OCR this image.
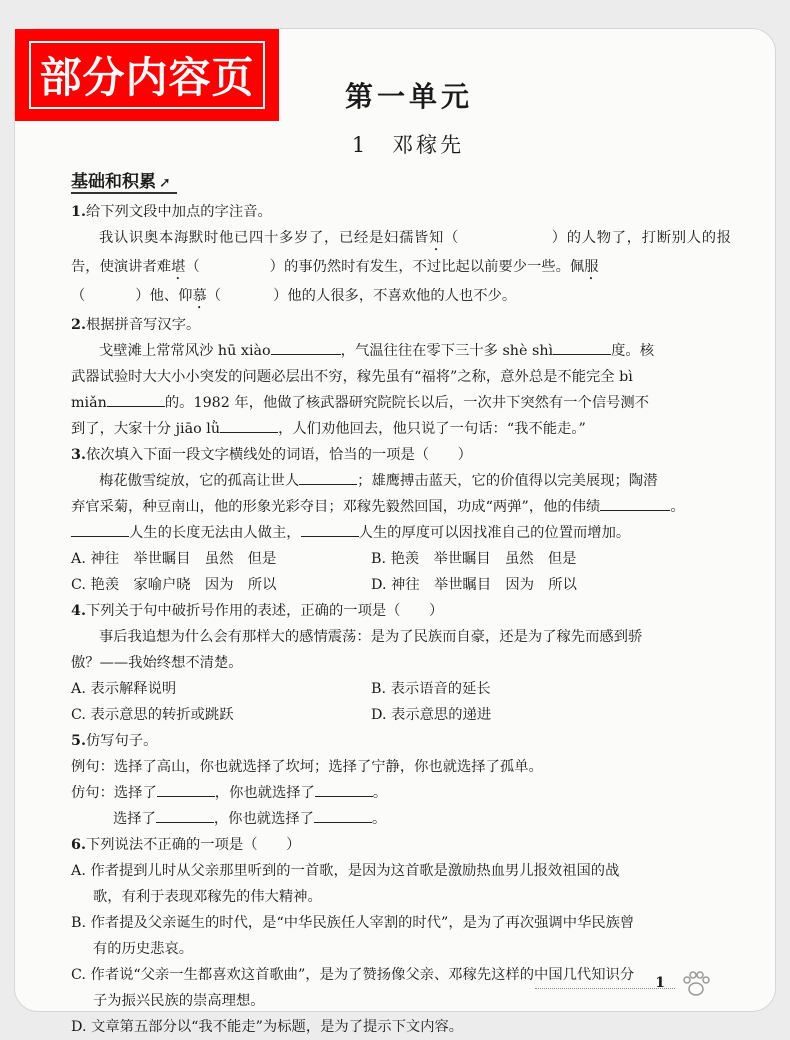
部分内容页	第一单元
1　邓稼先
基础和积累 ➚

1.给下列文段中加点的字注音。

我认识奥本海默时他已四十多岁了，已经是妇孺皆知（	）的人物了，打断别人的报告，使演讲者难堪（	）的事仍然时有发生，不过比起以前要少一些。佩服

（	）他、仰慕（	）他的人很多，不喜欢他的人也不少。

2.根据拼音写汉字。

戈壁滩上常常风沙 hū xiào	，气温往往在零下三十多 shè shì	度。核

武器试验时大大小小突发的问题必层出不穷，稼先虽有“福将”之称，意外总是不能完全 bì

miǎn	的。1982 年，他做了核武器研究院院长以后，一次井下突然有一个信号测不

到了，大家十分 jiāo lǜ	，人们劝他回去，他只说了一句话：“我不能走。”

3.依次填入下面一段文字横线处的词语，恰当的一项是（　　）

梅花傲雪绽放，它的孤高让世人	；雄鹰搏击蓝天，它的价值得以完美展现；陶潜

弃官采菊，种豆南山，他的形象光彩夺目；邓稼先毅然回国，功成“两弹”，他的伟绩	。

人生的长度无法由人做主，	人生的厚度可以因找准自己的位置而增加。

A. 神往　举世瞩目　虽然　但是	B. 艳羡　举世瞩目　虽然　但是
C. 艳羡　家喻户晓　因为　所以	D. 神往　举世瞩目　因为　所以

4.下列关于句中破折号作用的表述，正确的一项是（　　）

事后我追想为什么会有那样大的感情震荡：是为了民族而自豪，还是为了稼先而感到骄

傲？——我始终想不清楚。

A. 表示解释说明	B. 表示语音的延长
C. 表示意思的转折或跳跃	D. 表示意思的递进

5.仿写句子。

例句：选择了高山，你也就选择了坎坷；选择了宁静，你也就选择了孤单。

仿句：选择了	，你也就选择了	。

选择了	，你也就选择了	。

6.下列说法不正确的一项是（　　）

A. 作者提到儿时从父亲那里听到的一首歌，是因为这首歌是激励热血男儿报效祖国的战
歌，有利于表现邓稼先的伟大精神。

B. 作者提及父亲诞生的时代，是“中华民族任人宰割的时代”，是为了再次强调中华民族曾
有的历史悲哀。

C. 作者说“父亲一生都喜欢这首歌曲”，是为了赞扬像父亲、邓稼先这样的中国几代知识分
子为振兴民族的崇高理想。

D. 文章第五部分以“我不能走”为标题，是为了提示下文内容。

1
